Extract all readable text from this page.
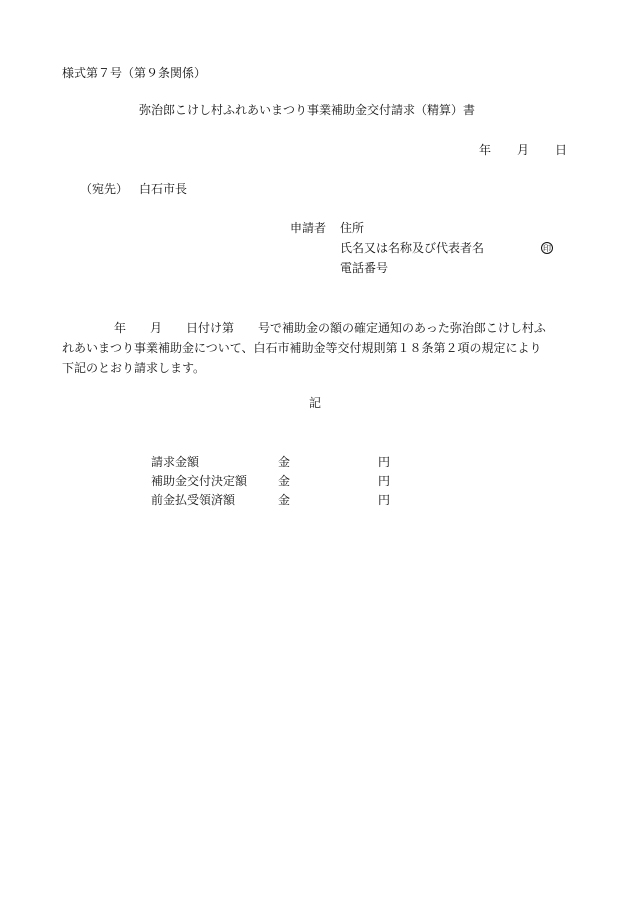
様式第７号（第９条関係）
弥治郎こけし村ふれあいまつり事業補助金交付請求（精算）書
年 月 日
（宛先） 白石市長
申請者 住所
氏名又は名称及び代表者名	印
電話番号
年 月 日付け第 号で補助金の額の確定通知のあった弥治郎こけし村ふ
れあいまつり事業補助金について、白石市補助金等交付規則第１８条第２項の規定により
下記のとおり請求します。
記
請求金額	金	円
補助金交付決定額	金	円
前金払受領済額	金	円
